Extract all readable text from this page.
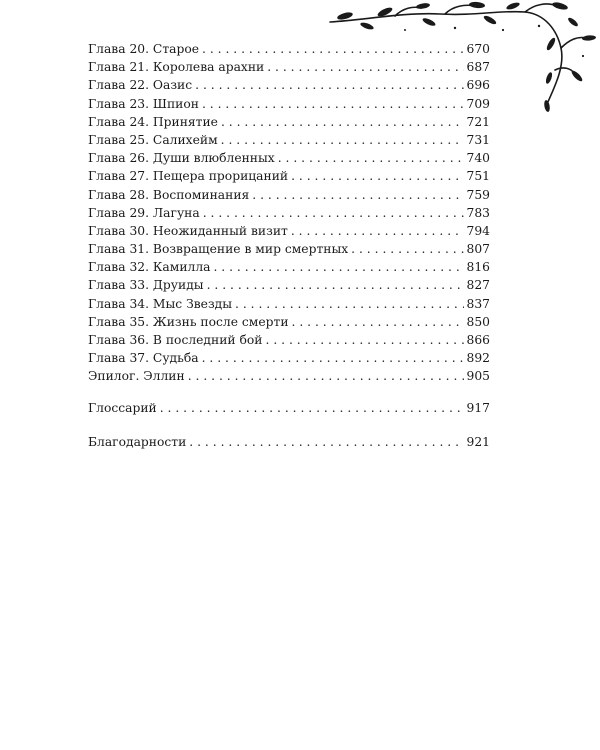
Глава 20. Старое . . .	670
Глава 21. Королева арахни . . .	687
Глава 22. Оазис . . .	696
Глава 23. Шпион . . .	709
Глава 24. Принятие . . .	721
Глава 25. Салихейм . . .	731
Глава 26. Души влюбленных . . .	740
Глава 27. Пещера прорицаний . . .	751
Глава 28. Воспоминания . . .	759
Глава 29. Лагуна . . .	783
Глава 30. Неожиданный визит . . .	794
Глава 31. Возвращение в мир смертных . . .	807
Глава 32. Камилла . . .	816
Глава 33. Друиды . . .	827
Глава 34. Мыс Звезды . . .	837
Глава 35. Жизнь после смерти . . .	850
Глава 36. В последний бой . . .	866
Глава 37. Судьба . . .	892
Эпилог. Эллин . . .	905
Глоссарий . . .	917
Благодарности . . .	921
